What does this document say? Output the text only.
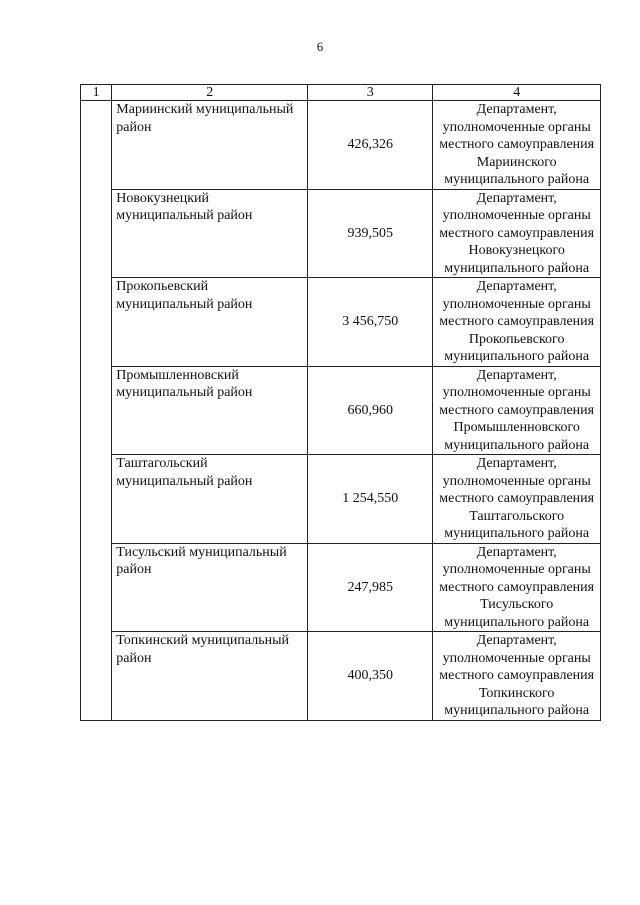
6
1	2	3	4
	Мариинский муниципальный район	426,326	Департамент, уполномоченные органы местного самоуправления Мариинского муниципального района
	Новокузнецкий муниципальный район	939,505	Департамент, уполномоченные органы местного самоуправления Новокузнецкого муниципального района
	Прокопьевский муниципальный район	3 456,750	Департамент, уполномоченные органы местного самоуправления Прокопьевского муниципального района
	Промышленновский муниципальный район	660,960	Департамент, уполномоченные органы местного самоуправления Промышленновского муниципального района
	Таштагольский муниципальный район	1 254,550	Департамент, уполномоченные органы местного самоуправления Таштагольского муниципального района
	Тисульский муниципальный район	247,985	Департамент, уполномоченные органы местного самоуправления Тисульского муниципального района
	Топкинский муниципальный район	400,350	Департамент, уполномоченные органы местного самоуправления Топкинского муниципального района
